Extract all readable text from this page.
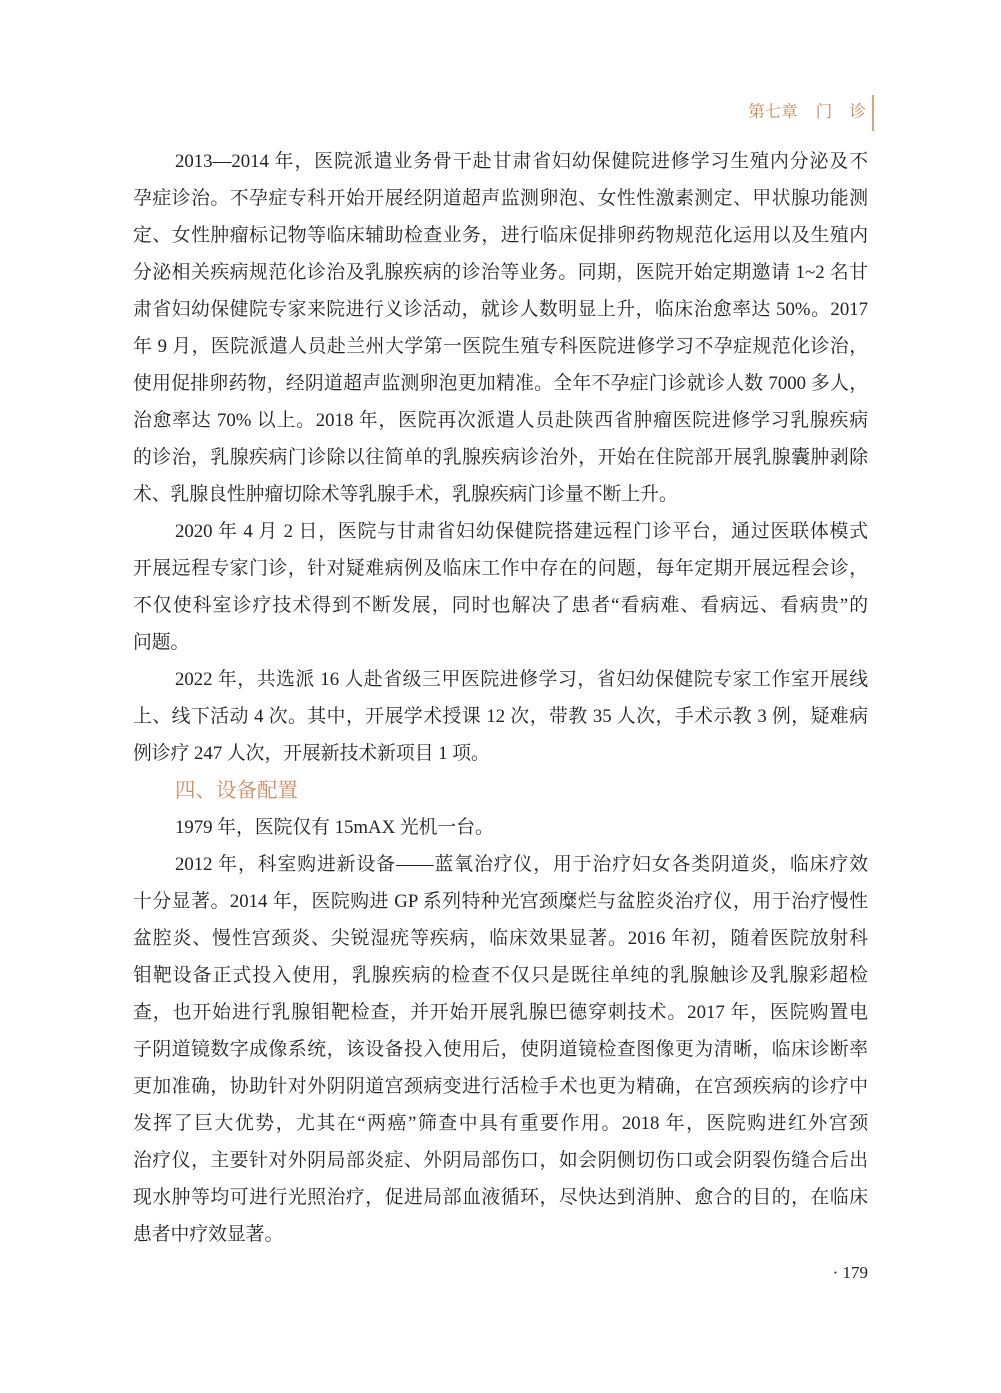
第七章 门 诊
2013—2014 年，医院派遣业务骨干赴甘肃省妇幼保健院进修学习生殖内分泌及不
孕症诊治。不孕症专科开始开展经阴道超声监测卵泡、女性性激素测定、甲状腺功能测
定、女性肿瘤标记物等临床辅助检查业务，进行临床促排卵药物规范化运用以及生殖内
分泌相关疾病规范化诊治及乳腺疾病的诊治等业务。同期，医院开始定期邀请 1~2 名甘
肃省妇幼保健院专家来院进行义诊活动，就诊人数明显上升，临床治愈率达 50%。2017
年 9 月，医院派遣人员赴兰州大学第一医院生殖专科医院进修学习不孕症规范化诊治，
使用促排卵药物，经阴道超声监测卵泡更加精准。全年不孕症门诊就诊人数 7000 多人，
治愈率达 70% 以上。2018 年，医院再次派遣人员赴陕西省肿瘤医院进修学习乳腺疾病
的诊治，乳腺疾病门诊除以往简单的乳腺疾病诊治外，开始在住院部开展乳腺囊肿剥除
术、乳腺良性肿瘤切除术等乳腺手术，乳腺疾病门诊量不断上升。
2020 年 4 月 2 日，医院与甘肃省妇幼保健院搭建远程门诊平台，通过医联体模式
开展远程专家门诊，针对疑难病例及临床工作中存在的问题，每年定期开展远程会诊，
不仅使科室诊疗技术得到不断发展，同时也解决了患者“看病难、看病远、看病贵”的
问题。
2022 年，共选派 16 人赴省级三甲医院进修学习，省妇幼保健院专家工作室开展线
上、线下活动 4 次。其中，开展学术授课 12 次，带教 35 人次，手术示教 3 例，疑难病
例诊疗 247 人次，开展新技术新项目 1 项。
四、设备配置
1979 年，医院仅有 15mAX 光机一台。
2012 年，科室购进新设备——蓝氧治疗仪，用于治疗妇女各类阴道炎，临床疗效
十分显著。2014 年，医院购进 GP 系列特种光宫颈糜烂与盆腔炎治疗仪，用于治疗慢性
盆腔炎、慢性宫颈炎、尖锐湿疣等疾病，临床效果显著。2016 年初，随着医院放射科
钼靶设备正式投入使用，乳腺疾病的检查不仅只是既往单纯的乳腺触诊及乳腺彩超检
查，也开始进行乳腺钼靶检查，并开始开展乳腺巴德穿刺技术。2017 年，医院购置电
子阴道镜数字成像系统，该设备投入使用后，使阴道镜检查图像更为清晰，临床诊断率
更加准确，协助针对外阴阴道宫颈病变进行活检手术也更为精确，在宫颈疾病的诊疗中
发挥了巨大优势，尤其在“两癌”筛查中具有重要作用。2018 年，医院购进红外宫颈
治疗仪，主要针对外阴局部炎症、外阴局部伤口，如会阴侧切伤口或会阴裂伤缝合后出
现水肿等均可进行光照治疗，促进局部血液循环，尽快达到消肿、愈合的目的，在临床
患者中疗效显著。
· 179
